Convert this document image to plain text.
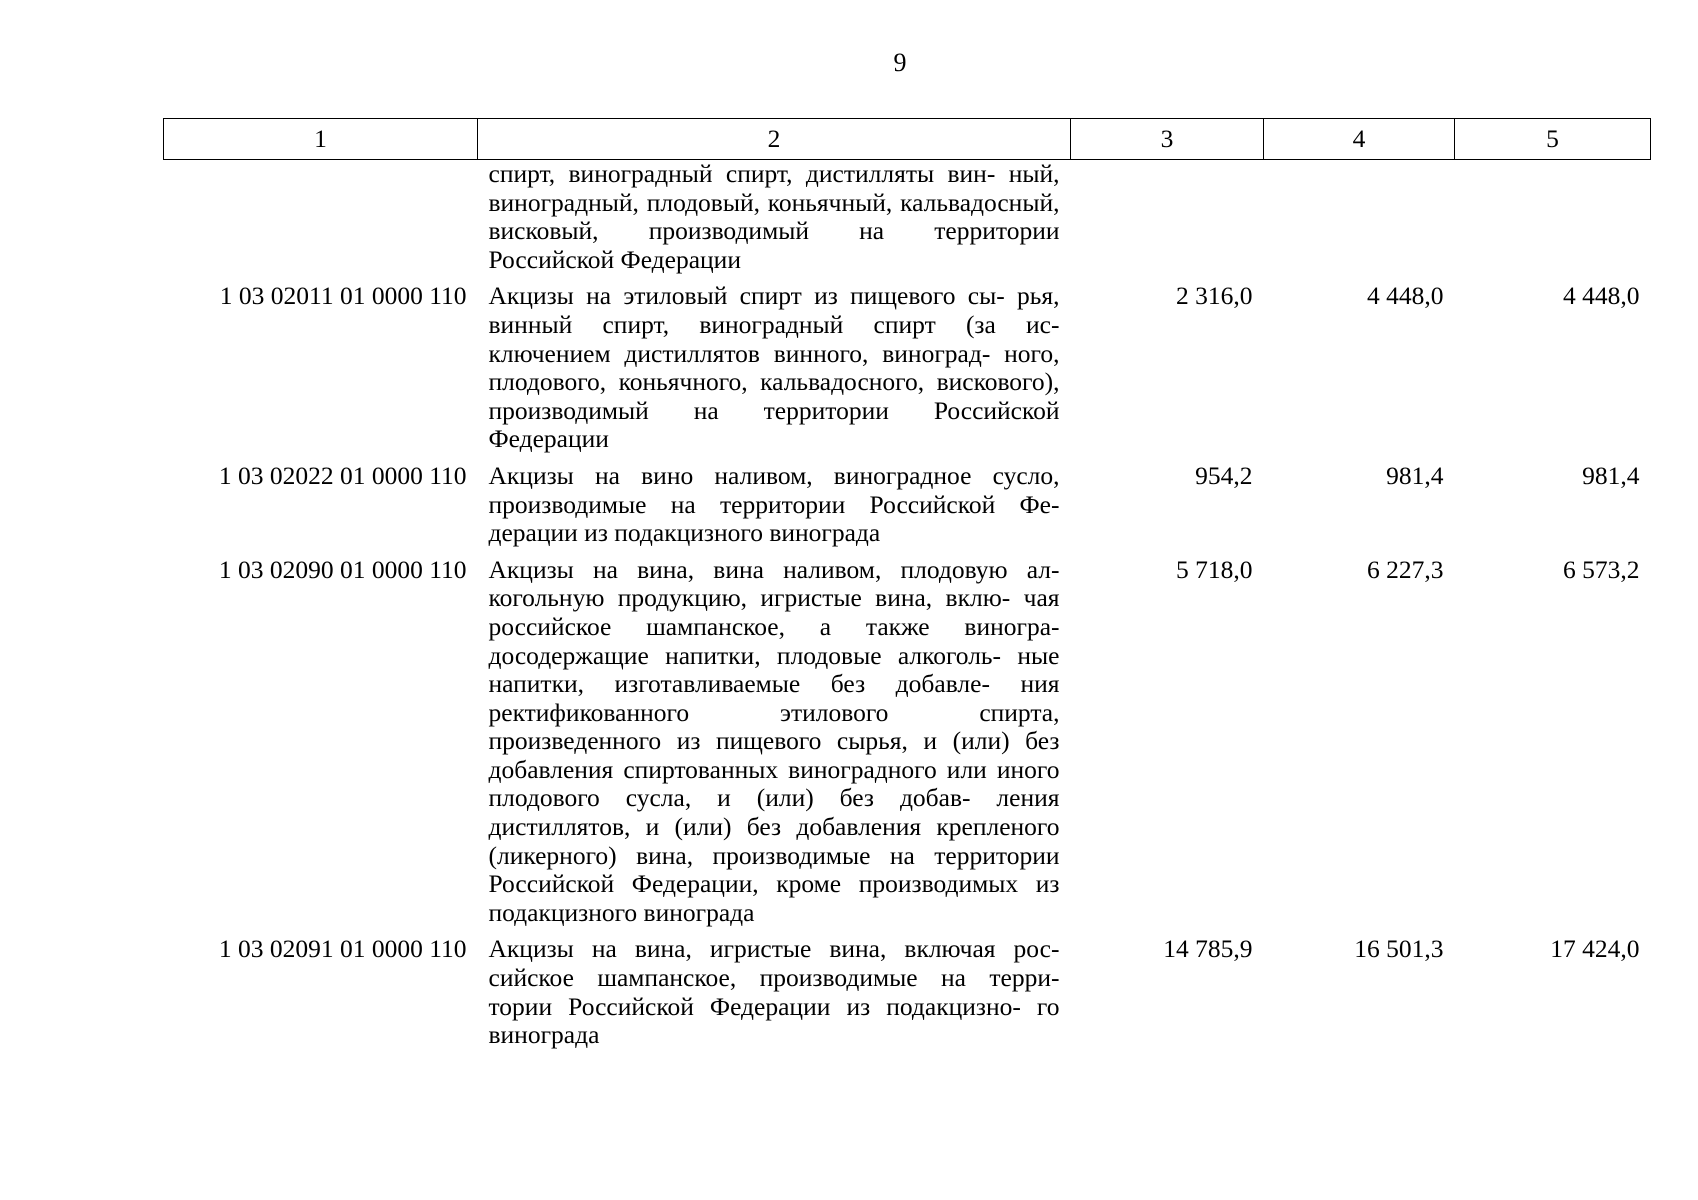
9
1	2	3	4	5
	спирт, виноградный спирт, дистилляты вин- ный, виноградный, плодовый, коньячный, кальвадосный, висковый, производимый на территории Российской Федерации			
1 03 02011 01 0000 110	Акцизы на этиловый спирт из пищевого сы- рья, винный спирт, виноградный спирт (за ис- ключением дистиллятов винного, виноград- ного, плодового, коньячного, кальвадосного, вискового), производимый на территории Российской Федерации	2 316,0	4 448,0	4 448,0
1 03 02022 01 0000 110	Акцизы на вино наливом, виноградное сусло, производимые на территории Российской Фе- дерации из подакцизного винограда	954,2	981,4	981,4
1 03 02090 01 0000 110	Акцизы на вина, вина наливом, плодовую ал- когольную продукцию, игристые вина, вклю- чая российское шампанское, а также виногра- досодержащие напитки, плодовые алкоголь- ные напитки, изготавливаемые без добавле- ния ректификованного этилового спирта, произведенного из пищевого сырья, и (или) без добавления спиртованных виноградного или иного плодового сусла, и (или) без добав- ления дистиллятов, и (или) без добавления крепленого (ликерного) вина, производимые на территории Российской Федерации, кроме производимых из подакцизного винограда	5 718,0	6 227,3	6 573,2
1 03 02091 01 0000 110	Акцизы на вина, игристые вина, включая рос- сийское шампанское, производимые на терри- тории Российской Федерации из подакцизно- го винограда	14 785,9	16 501,3	17 424,0
